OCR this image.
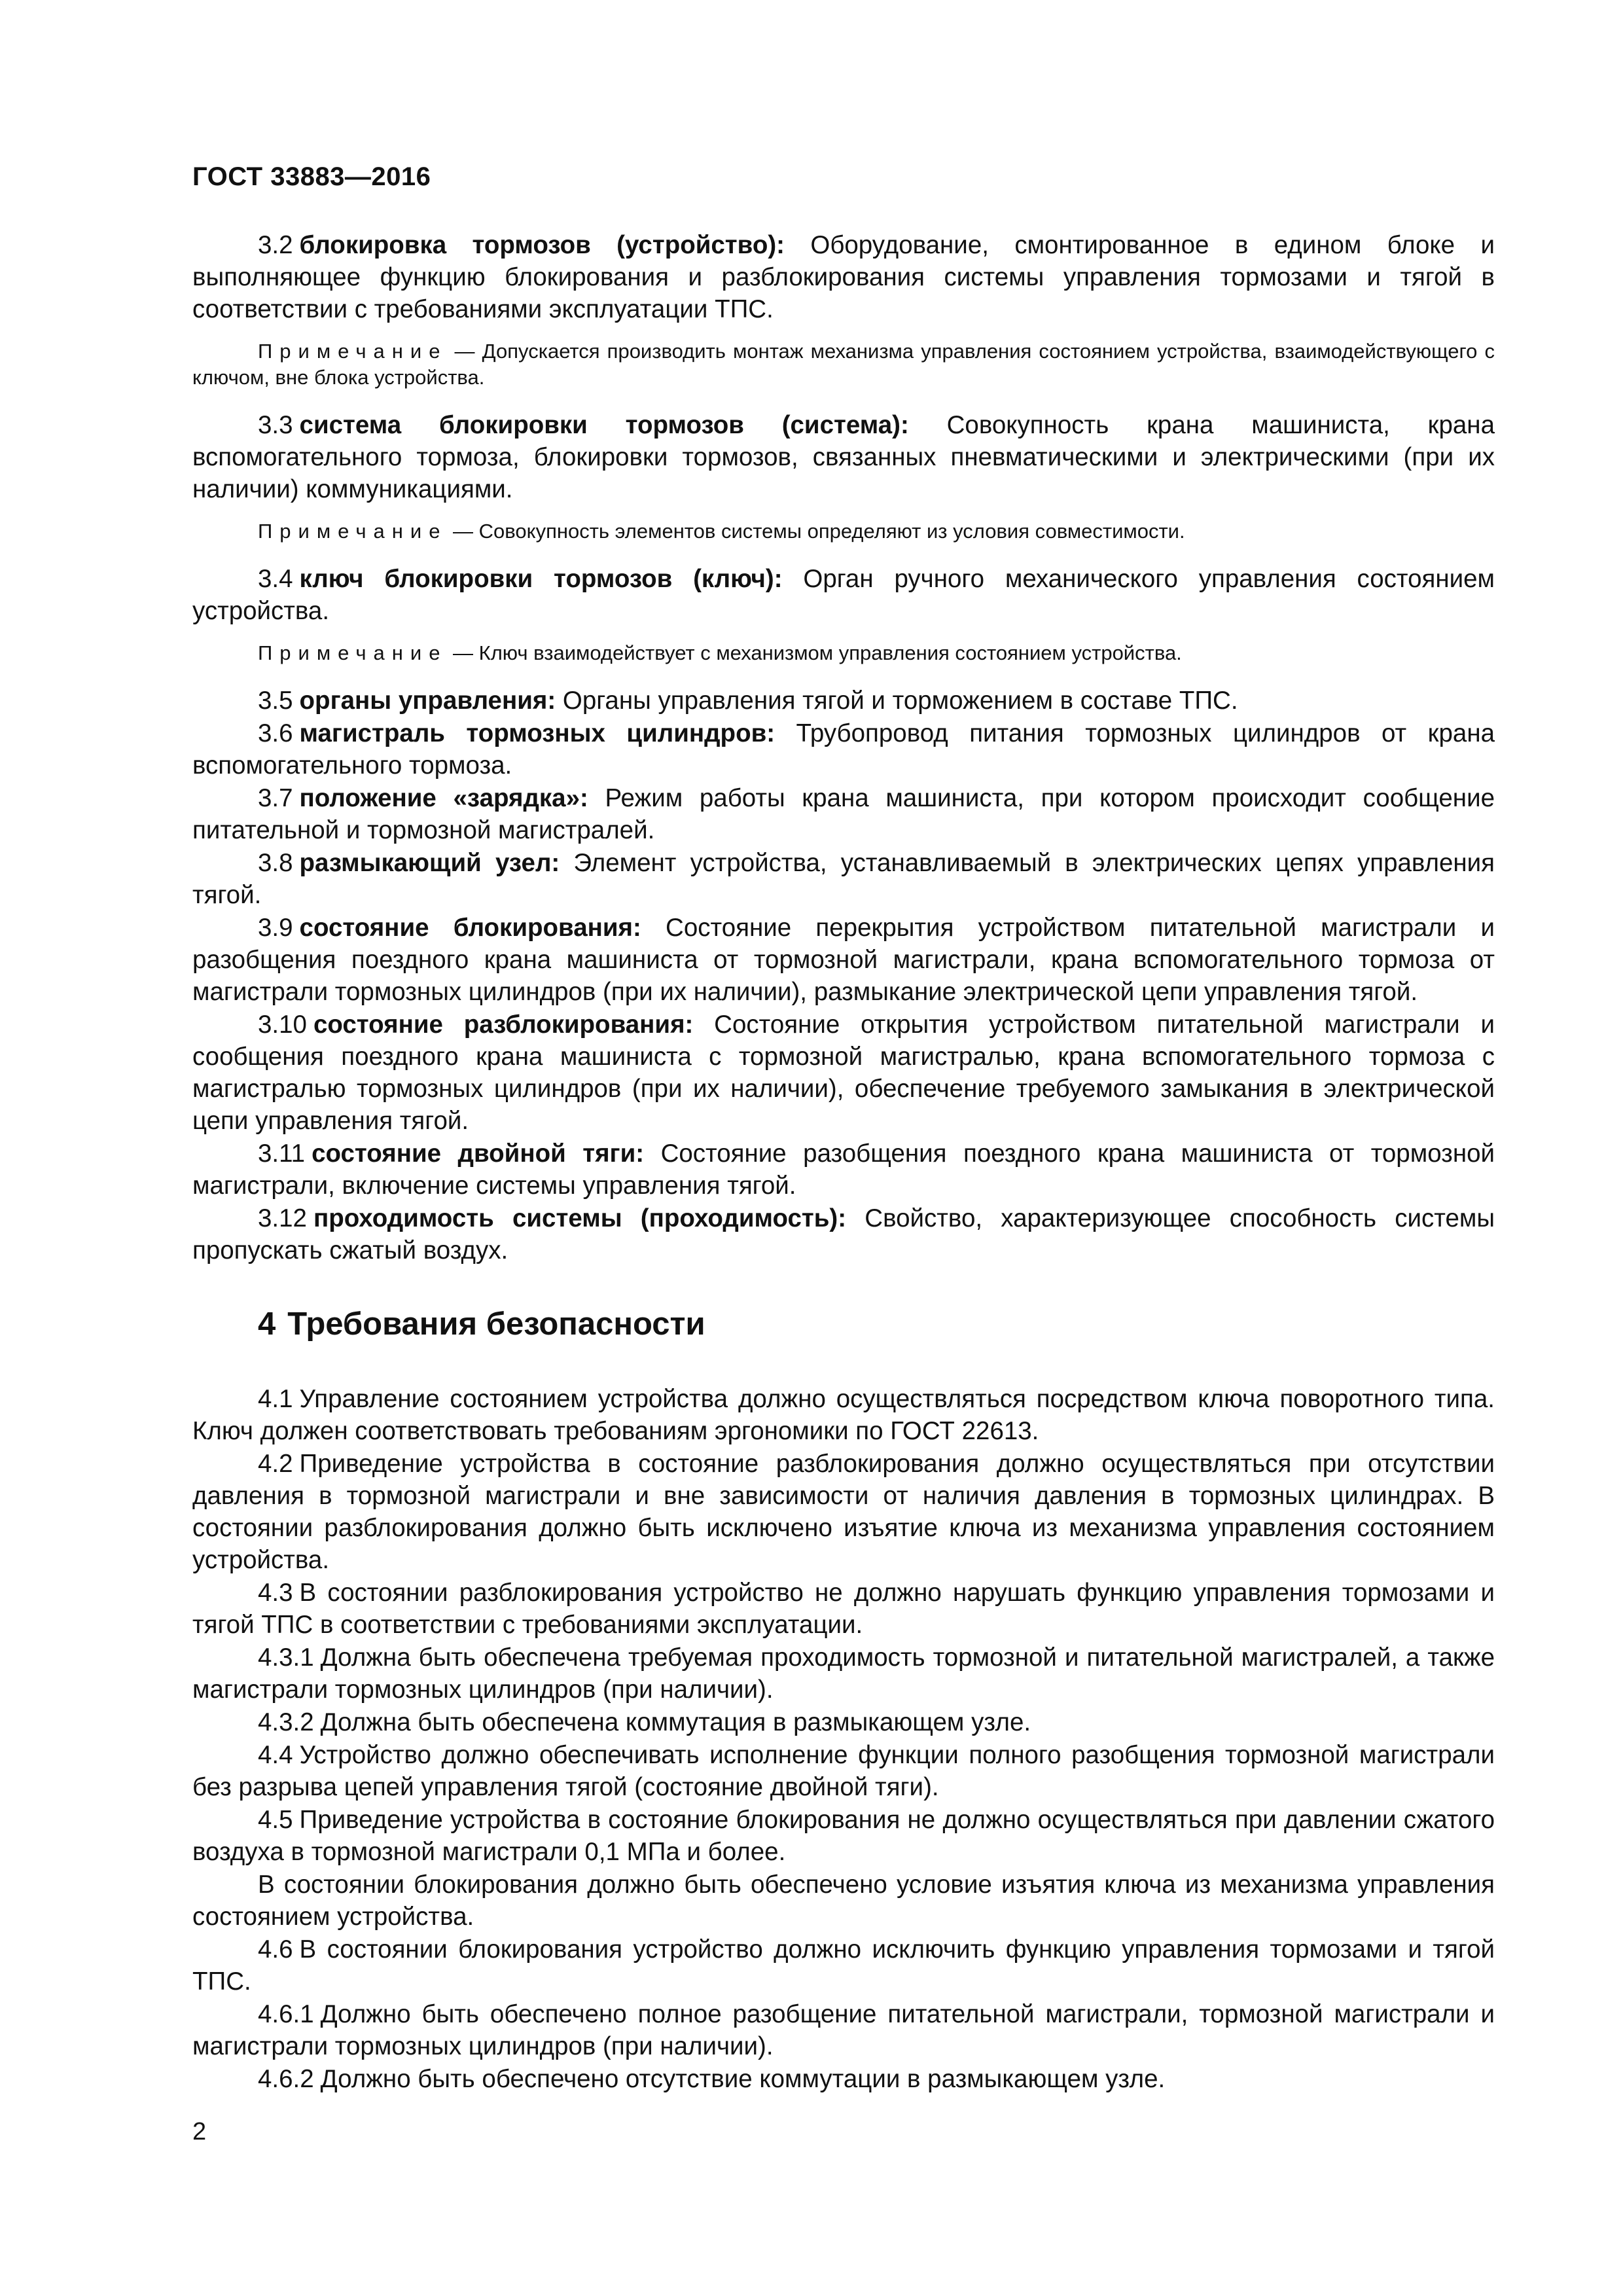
ГОСТ 33883—2016

3.2 блокировка тормозов (устройство): Оборудование, смонтированное в едином блоке и выполняющее функцию блокирования и разблокирования системы управления тормозами и тягой в соответствии с требованиями эксплуатации ТПС.

Примечание — Допускается производить монтаж механизма управления состоянием устройства, взаимодействующего с ключом, вне блока устройства.

3.3 система блокировки тормозов (система): Совокупность крана машиниста, крана вспомогательного тормоза, блокировки тормозов, связанных пневматическими и электрическими (при их наличии) коммуникациями.

Примечание — Совокупность элементов системы определяют из условия совместимости.

3.4 ключ блокировки тормозов (ключ): Орган ручного механического управления состоянием устройства.

Примечание — Ключ взаимодействует с механизмом управления состоянием устройства.

3.5 органы управления: Органы управления тягой и торможением в составе ТПС.

3.6 магистраль тормозных цилиндров: Трубопровод питания тормозных цилиндров от крана вспомогательного тормоза.

3.7 положение «зарядка»: Режим работы крана машиниста, при котором происходит сообщение питательной и тормозной магистралей.

3.8 размыкающий узел: Элемент устройства, устанавливаемый в электрических цепях управления тягой.

3.9 состояние блокирования: Состояние перекрытия устройством питательной магистрали и разобщения поездного крана машиниста от тормозной магистрали, крана вспомогательного тормоза от магистрали тормозных цилиндров (при их наличии), размыкание электрической цепи управления тягой.

3.10 состояние разблокирования: Состояние открытия устройством питательной магистрали и сообщения поездного крана машиниста с тормозной магистралью, крана вспомогательного тормоза с магистралью тормозных цилиндров (при их наличии), обеспечение требуемого замыкания в электрической цепи управления тягой.

3.11 состояние двойной тяги: Состояние разобщения поездного крана машиниста от тормозной магистрали, включение системы управления тягой.

3.12 проходимость системы (проходимость): Свойство, характеризующее способность системы пропускать сжатый воздух.

4 Требования безопасности

4.1 Управление состоянием устройства должно осуществляться посредством ключа поворотного типа. Ключ должен соответствовать требованиям эргономики по ГОСТ 22613.

4.2 Приведение устройства в состояние разблокирования должно осуществляться при отсутствии давления в тормозной магистрали и вне зависимости от наличия давления в тормозных цилиндрах. В состоянии разблокирования должно быть исключено изъятие ключа из механизма управления состоянием устройства.

4.3 В состоянии разблокирования устройство не должно нарушать функцию управления тормозами и тягой ТПС в соответствии с требованиями эксплуатации.

4.3.1 Должна быть обеспечена требуемая проходимость тормозной и питательной магистралей, а также магистрали тормозных цилиндров (при наличии).

4.3.2 Должна быть обеспечена коммутация в размыкающем узле.

4.4 Устройство должно обеспечивать исполнение функции полного разобщения тормозной магистрали без разрыва цепей управления тягой (состояние двойной тяги).

4.5 Приведение устройства в состояние блокирования не должно осуществляться при давлении сжатого воздуха в тормозной магистрали 0,1 МПа и более.

В состоянии блокирования должно быть обеспечено условие изъятия ключа из механизма управления состоянием устройства.

4.6 В состоянии блокирования устройство должно исключить функцию управления тормозами и тягой ТПС.

4.6.1 Должно быть обеспечено полное разобщение питательной магистрали, тормозной магистрали и магистрали тормозных цилиндров (при наличии).

4.6.2 Должно быть обеспечено отсутствие коммутации в размыкающем узле.

2
